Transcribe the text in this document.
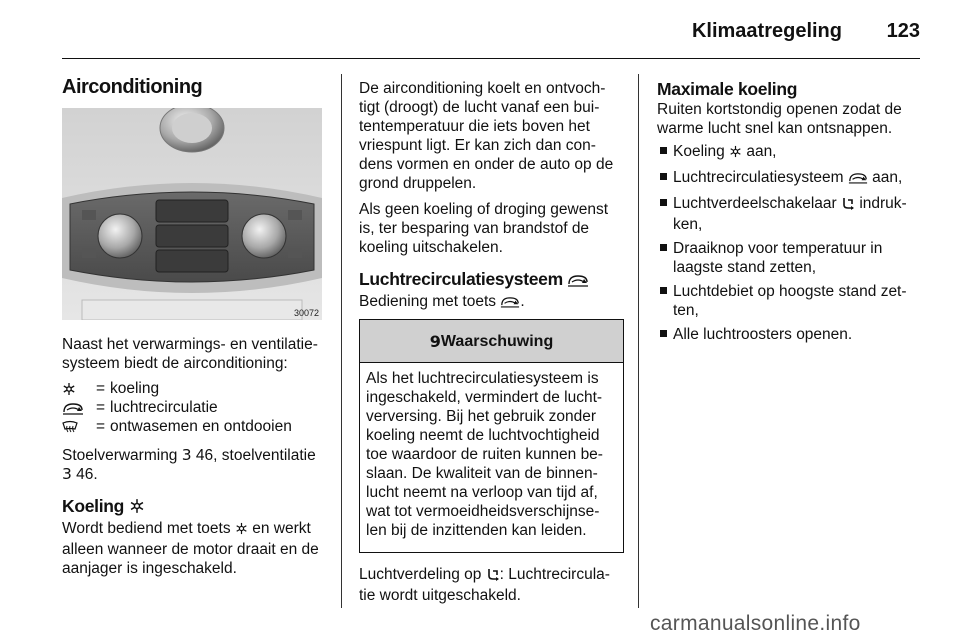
Klimaatregeling 123
Airconditioning
30072

Naast het verwarmings- en ventilatie-systeem biedt de airconditioning:

= koeling
= luchtrecirculatie
= ontwasemen en ontdooien

Stoelverwarming 3 46, stoelventilatie
3 46.

Koeling

Wordt bediend met toets  en werkt alleen wanneer de motor draait en de aanjager is ingeschakeld.

De airconditioning koelt en ontvoch-tigt (droogt) de lucht vanaf een bui-tentemperatuur die iets boven het vriespunt ligt. Er kan zich dan con-dens vormen en onder de auto op de grond druppelen.

Als geen koeling of droging gewenst is, ter besparing van brandstof de koeling uitschakelen.

Luchtrecirculatiesysteem

Bediening met toets .

9 Waarschuwing
Als het luchtrecirculatiesysteem is ingeschakeld, vermindert de lucht-verversing. Bij het gebruik zonder koeling neemt de luchtvochtigheid toe waardoor de ruiten kunnen be-slaan. De kwaliteit van de binnen-lucht neemt na verloop van tijd af, wat tot vermoeidheidsverschijnse-len bij de inzittenden kan leiden.

Luchtverdeling op : Luchtrecircula-tie wordt uitgeschakeld.

Maximale koeling

Ruiten kortstondig openen zodat de warme lucht snel kan ontsnappen.

Koeling  aan,
Luchtrecirculatiesysteem  aan,
Luchtverdeelschakelaar  indruk-ken,
Draaiknop voor temperatuur in laagste stand zetten,
Luchtdebiet op hoogste stand zet-ten,
Alle luchtroosters openen.
carmanualsonline.info
